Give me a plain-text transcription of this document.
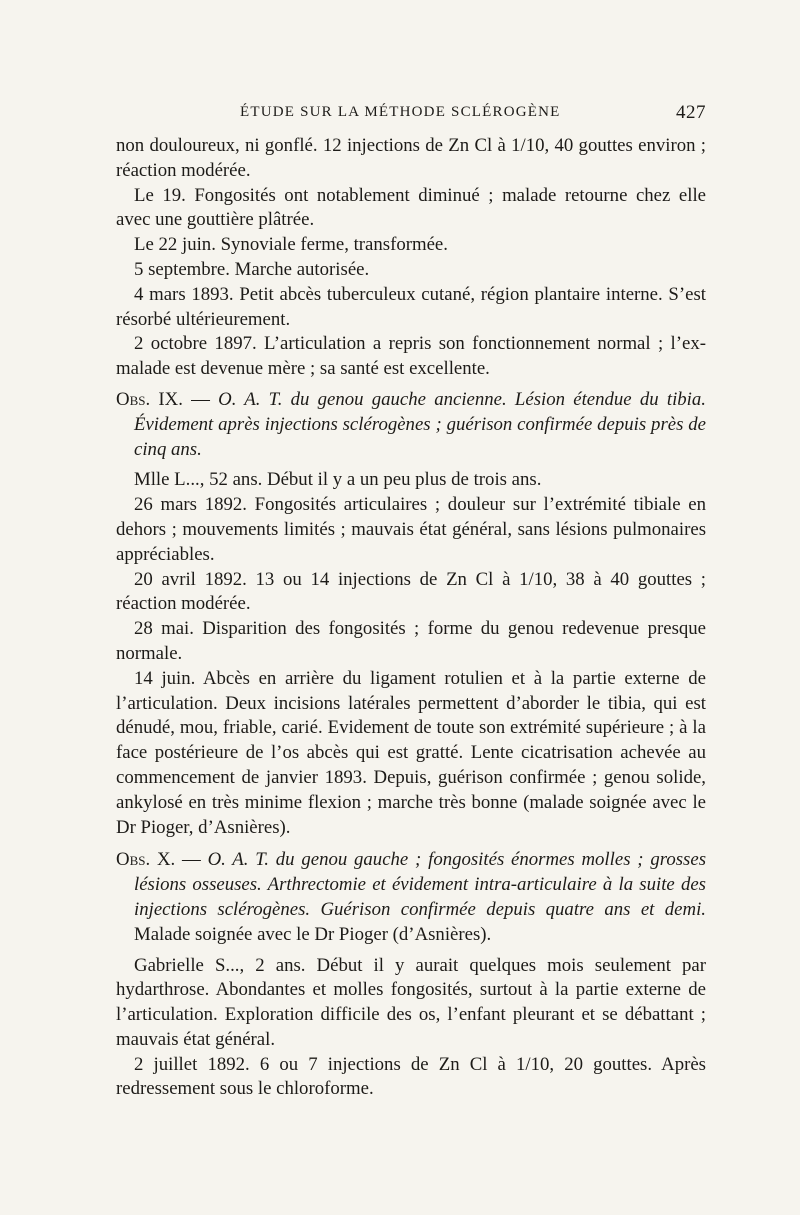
ÉTUDE SUR LA MÉTHODE SCLÉROGÈNE	427

non douloureux, ni gonflé. 12 injections de Zn Cl à 1/10, 40 gouttes environ ; réaction modérée.

Le 19. Fongosités ont notablement diminué ; malade retourne chez elle avec une gouttière plâtrée.

Le 22 juin. Synoviale ferme, transformée.

5 septembre. Marche autorisée.

4 mars 1893. Petit abcès tuberculeux cutané, région plantaire interne. S’est résorbé ultérieurement.

2 octobre 1897. L’articulation a repris son fonctionnement normal ; l’ex-malade est devenue mère ; sa santé est excellente.

Obs. IX. — O. A. T. du genou gauche ancienne. Lésion étendue du tibia. Évidement après injections sclérogènes ; guérison confirmée depuis près de cinq ans.

Mlle L..., 52 ans. Début il y a un peu plus de trois ans.

26 mars 1892. Fongosités articulaires ; douleur sur l’extrémité tibiale en dehors ; mouvements limités ; mauvais état général, sans lésions pulmonaires appréciables.

20 avril 1892. 13 ou 14 injections de Zn Cl à 1/10, 38 à 40 gouttes ; réaction modérée.

28 mai. Disparition des fongosités ; forme du genou redevenue presque normale.

14 juin. Abcès en arrière du ligament rotulien et à la partie externe de l’articulation. Deux incisions latérales permettent d’aborder le tibia, qui est dénudé, mou, friable, carié. Evidement de toute son extrémité supérieure ; à la face postérieure de l’os abcès qui est gratté. Lente cicatrisation achevée au commencement de janvier 1893. Depuis, guérison confirmée ; genou solide, ankylosé en très minime flexion ; marche très bonne (malade soignée avec le Dr Pioger, d’Asnières).

Obs. X. — O. A. T. du genou gauche ; fongosités énormes molles ; grosses lésions osseuses. Arthrectomie et évidement intra-articulaire à la suite des injections sclérogènes. Guérison confirmée depuis quatre ans et demi. Malade soignée avec le Dr Pioger (d’Asnières).

Gabrielle S..., 2 ans. Début il y aurait quelques mois seulement par hydarthrose. Abondantes et molles fongosités, surtout à la partie externe de l’articulation. Exploration difficile des os, l’enfant pleurant et se débattant ; mauvais état général.

2 juillet 1892. 6 ou 7 injections de Zn Cl à 1/10, 20 gouttes. Après redressement sous le chloroforme.
